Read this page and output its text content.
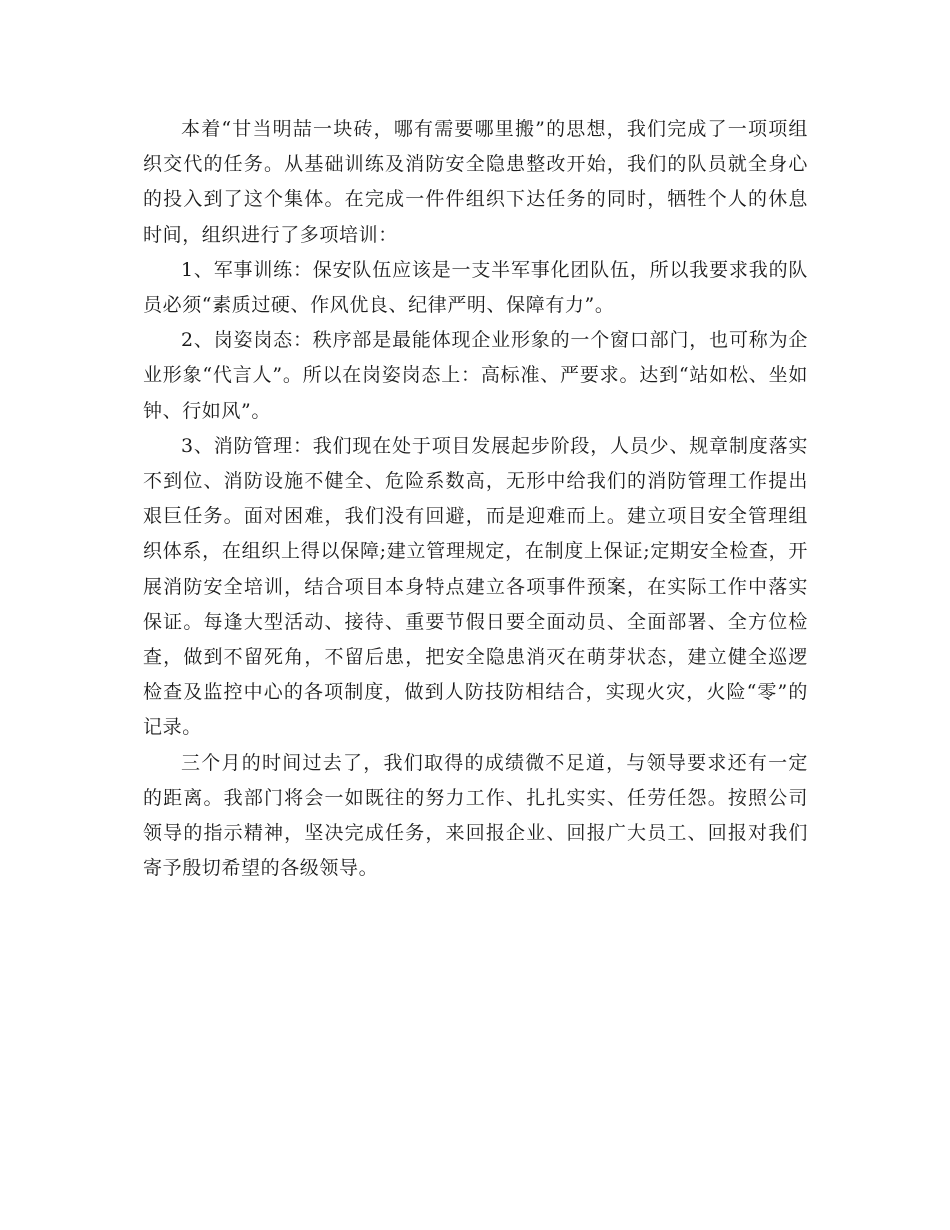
本着“甘当明喆一块砖，哪有需要哪里搬”的思想，我们完成了一项项组织交代的任务。从基础训练及消防安全隐患整改开始，我们的队员就全身心的投入到了这个集体。在完成一件件组织下达任务的同时，牺牲个人的休息时间，组织进行了多项培训：

1、军事训练：保安队伍应该是一支半军事化团队伍，所以我要求我的队员必须“素质过硬、作风优良、纪律严明、保障有力”。

2、岗姿岗态：秩序部是最能体现企业形象的一个窗口部门，也可称为企业形象“代言人”。所以在岗姿岗态上：高标准、严要求。达到“站如松、坐如钟、行如风”。

3、消防管理：我们现在处于项目发展起步阶段，人员少、规章制度落实不到位、消防设施不健全、危险系数高，无形中给我们的消防管理工作提出艰巨任务。面对困难，我们没有回避，而是迎难而上。建立项目安全管理组织体系，在组织上得以保障;建立管理规定，在制度上保证;定期安全检查，开展消防安全培训，结合项目本身特点建立各项事件预案，在实际工作中落实保证。每逢大型活动、接待、重要节假日要全面动员、全面部署、全方位检查，做到不留死角，不留后患，把安全隐患消灭在萌芽状态，建立健全巡逻检查及监控中心的各项制度，做到人防技防相结合，实现火灾，火险“零”的记录。

三个月的时间过去了，我们取得的成绩微不足道，与领导要求还有一定的距离。我部门将会一如既往的努力工作、扎扎实实、任劳任怨。按照公司领导的指示精神，坚决完成任务，来回报企业、回报广大员工、回报对我们寄予殷切希望的各级领导。
